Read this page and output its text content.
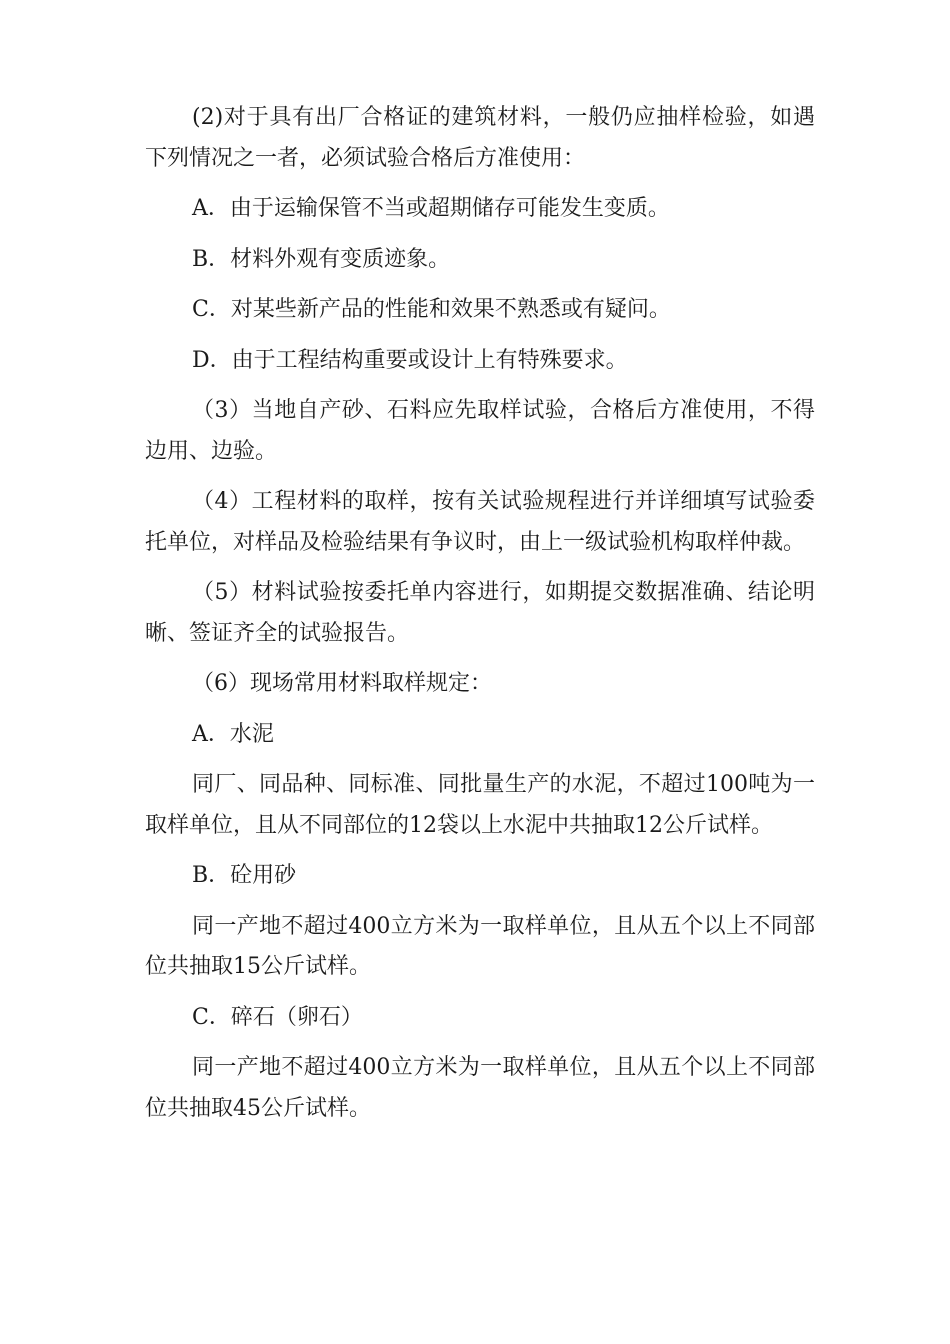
(2)对于具有出厂合格证的建筑材料，一般仍应抽样检验，如遇下列情况之一者，必须试验合格后方准使用：

A．由于运输保管不当或超期储存可能发生变质。

B．材料外观有变质迹象。

C．对某些新产品的性能和效果不熟悉或有疑问。

D．由于工程结构重要或设计上有特殊要求。

（3）当地自产砂、石料应先取样试验，合格后方准使用，不得边用、边验。

（4）工程材料的取样，按有关试验规程进行并详细填写试验委托单位，对样品及检验结果有争议时，由上一级试验机构取样仲裁。

（5）材料试验按委托单内容进行，如期提交数据准确、结论明晰、签证齐全的试验报告。

（6）现场常用材料取样规定：

A．水泥

同厂、同品种、同标准、同批量生产的水泥，不超过100吨为一取样单位，且从不同部位的12袋以上水泥中共抽取12公斤试样。

B．砼用砂

同一产地不超过400立方米为一取样单位，且从五个以上不同部位共抽取15公斤试样。

C．碎石（卵石）

同一产地不超过400立方米为一取样单位，且从五个以上不同部位共抽取45公斤试样。
